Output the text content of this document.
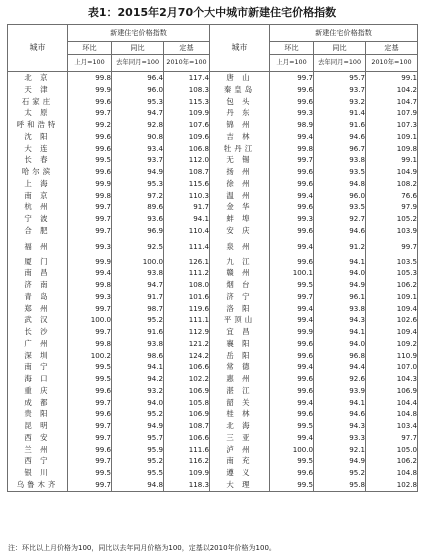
表1：2015年2月70个大中城市新建住宅价格指数
城市	新建住宅价格指数			城市	新建住宅价格指数		
	环比	同比	定基		环比	同比	定基
	上月=100	去年同月=100	2010年=100		上月=100	去年同月=100	2010年=100
北 京	99.8	96.4	117.4	唐 山	99.7	95.7	99.1
天 津	99.9	96.0	108.3	秦皇岛	99.6	93.7	104.2
石家庄	99.6	95.3	115.3	包 头	99.6	93.2	104.7
太 原	99.7	94.7	109.9	丹 东	99.3	91.4	107.9
呼和浩特	99.2	92.8	107.6	锦 州	98.9	91.6	107.3
沈 阳	99.6	90.8	109.6	吉 林	99.4	94.6	109.1
大 连	99.6	93.4	106.8	牡丹江	99.8	96.7	109.8
长 春	99.5	93.7	112.0	无 锡	99.7	93.8	99.1
哈尔滨	99.6	94.9	108.7	扬 州	99.6	93.5	104.9
上 海	99.9	95.3	115.6	徐 州	99.6	94.8	108.2
南 京	99.8	97.2	110.3	温 州	99.4	96.0	76.6
杭 州	99.7	89.6	91.7	金 华	99.6	93.5	97.9
宁 波	99.7	93.6	94.1	蚌 埠	99.3	92.7	105.2
合 肥	99.7	96.9	110.4	安 庆	99.6	94.6	103.9
福 州	99.3	92.5	111.4	泉 州	99.4	91.2	99.7
厦 门	99.9	100.0	126.1	九 江	99.6	94.1	103.5
南 昌	99.4	93.8	111.2	赣 州	100.1	94.0	105.3
济 南	99.8	94.7	108.0	烟 台	99.5	94.9	106.2
青 岛	99.3	91.7	101.6	济 宁	99.7	96.1	109.1
郑 州	99.7	98.7	119.6	洛 阳	99.4	93.8	109.4
武 汉	100.0	95.2	111.1	平顶山	99.4	94.3	102.6
长 沙	99.7	91.6	112.9	宜 昌	99.9	94.1	109.4
广 州	99.8	93.8	121.2	襄 阳	99.6	94.0	109.2
深 圳	100.2	98.6	124.2	岳 阳	99.6	96.8	110.9
南 宁	99.5	94.1	106.6	常 德	99.4	94.4	107.0
海 口	99.5	94.2	102.2	惠 州	99.6	92.6	104.3
重 庆	99.6	93.2	106.9	湛 江	99.6	93.9	106.9
成 都	99.7	94.0	105.8	韶 关	99.4	94.1	104.4
贵 阳	99.6	95.2	106.9	桂 林	99.6	94.6	104.8
昆 明	99.7	94.9	108.7	北 海	99.5	94.3	103.4
西 安	99.7	95.7	106.6	三 亚	99.4	93.3	97.7
兰 州	99.6	95.9	111.6	泸 州	100.0	92.1	105.0
西 宁	99.7	95.2	116.2	南 充	99.5	94.9	106.2
银 川	99.5	95.5	109.9	遵 义	99.6	95.2	104.8
乌鲁木齐	99.7	94.8	118.3	大 理	99.5	95.8	102.8
注：环比以上月价格为100，同比以去年同月价格为100，定基以2010年价格为100。
